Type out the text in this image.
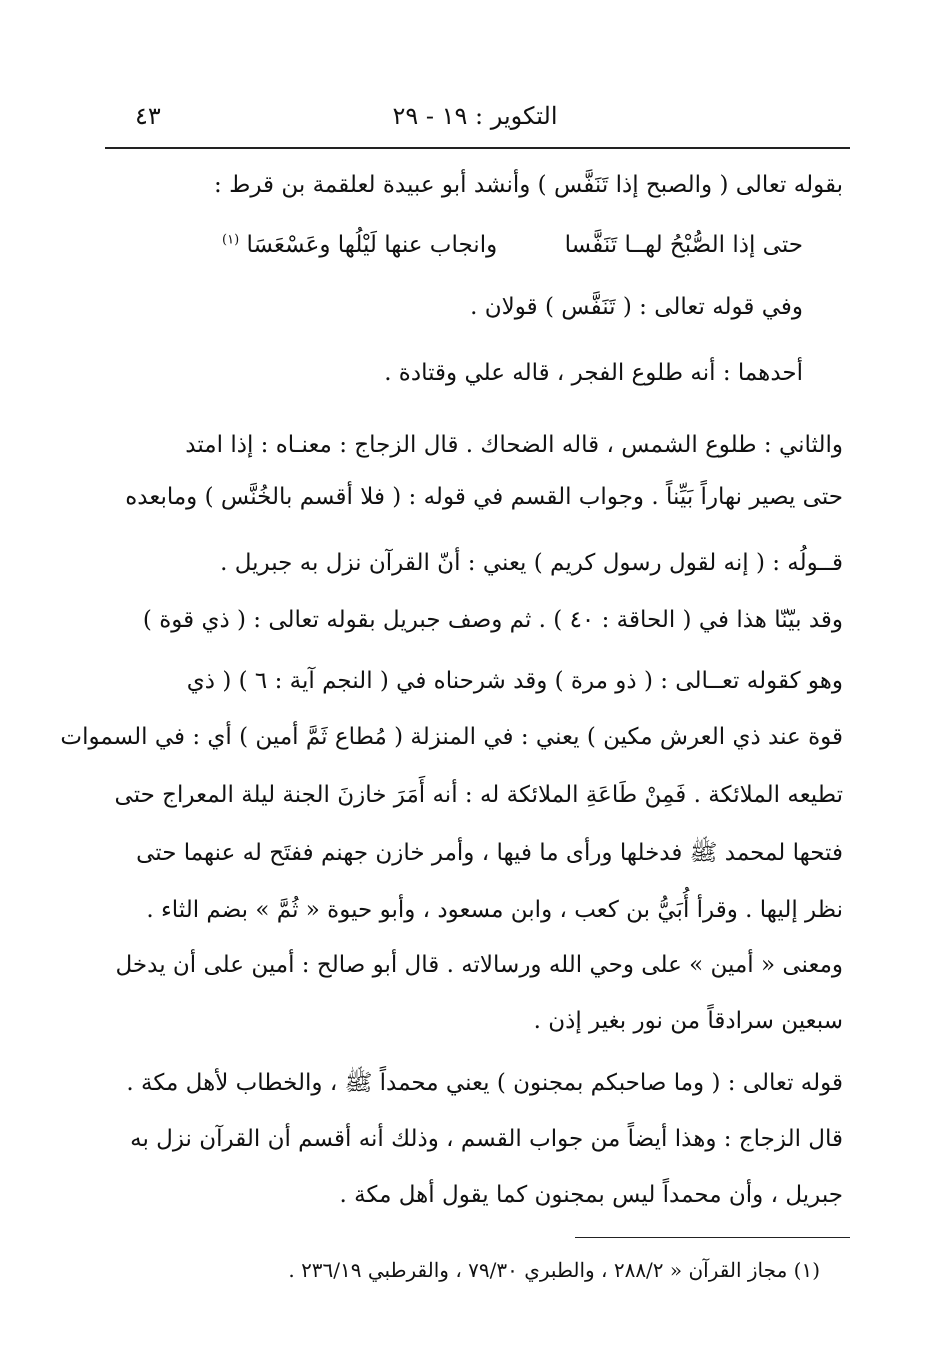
التكوير : ١٩ - ٢٩
٤٣
بقوله تعالى ( والصبح إذا تَنَفَّس ) وأنشد أبو عبيدة لعلقمة بن قرط :
حتى إذا الصُّبْحُ لهــا تَنَفَّسا
وانجاب عنها لَيْلُها وعَسْعَسَا $^{(١)}$
وفي قوله تعالى : ( تَنَفَّس ) قولان .
أحدهما : أنه طلوع الفجر ، قاله علي وقتادة .
والثاني : طلوع الشمس ، قاله الضحاك . قال الزجاج : معنـاه : إذا امتد
حتى يصير نهاراً بَيِّناً . وجواب القسم في قوله : ( فلا أقسم بالخُنَّس ) ومابعده
قــولُه : ( إنه لقول رسول كريم ) يعني : أنّ القرآن نزل به جبريل .
وقد بيّنّا هذا في ( الحاقة : ٤٠ ) . ثم وصف جبريل بقوله تعالى : ( ذي قوة )
وهو كقوله تعــالى : ( ذو مرة ) وقد شرحناه في ( النجم آية : ٦ ) ( ذي
قوة عند ذي العرش مكين ) يعني : في المنزلة ( مُطاع ثَمَّ أمين ) أي : في السموات
تطيعه الملائكة . فَمِنْ طَاعَةِ الملائكة له : أنه أَمَرَ خازنَ الجنة ليلة المعراج حتى
فتحها لمحمد ﷺ فدخلها ورأى ما فيها ، وأمر خازن جهنم ففتَح له عنهما حتى
نظر إليها . وقرأ أُبَيُّ بن كعب ، وابن مسعود ، وأبو حيوة « ثُمَّ » بضم الثاء .
ومعنى « أمين » على وحي الله ورسالاته . قال أبو صالح : أمين على أن يدخل
سبعين سرادقاً من نور بغير إذن .
قوله تعالى : ( وما صاحبكم بمجنون ) يعني محمداً ﷺ ، والخطاب لأهل مكة .
قال الزجاج : وهذا أيضاً من جواب القسم ، وذلك أنه أقسم أن القرآن نزل به
جبريل ، وأن محمداً ليس بمجنون كما يقول أهل مكة .
(١) مجاز القرآن « ٢٨٨/٢ ، والطبري ٧٩/٣٠ ، والقرطبي ٢٣٦/١٩ .
